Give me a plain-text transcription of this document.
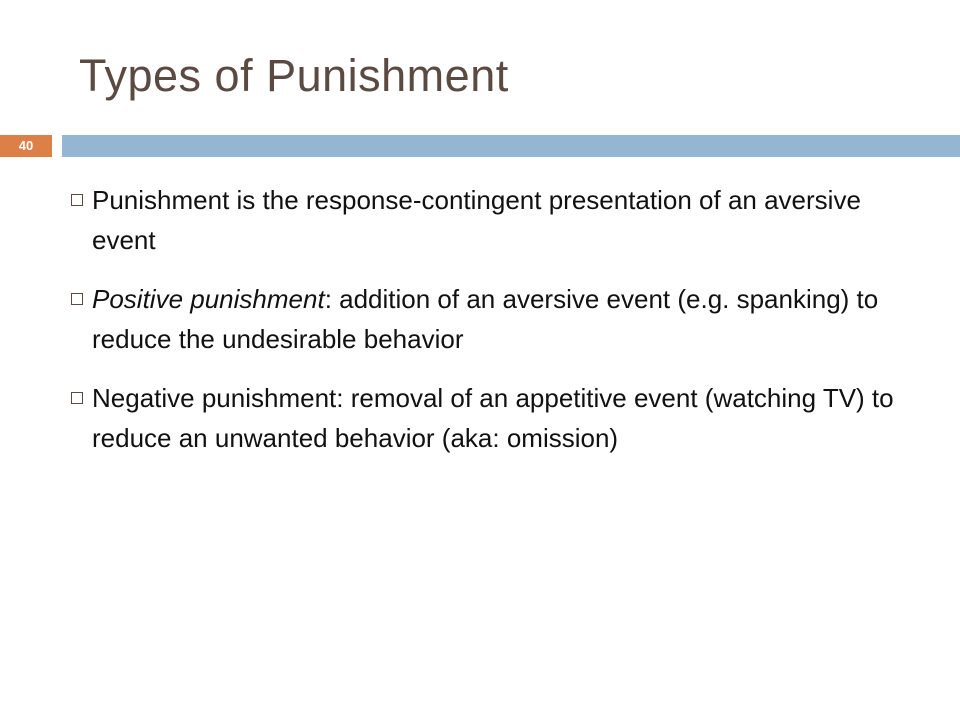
Types of Punishment
40
Punishment is the response-contingent presentation of an aversive event
Positive punishment: addition of an aversive event (e.g. spanking) to reduce the undesirable behavior
Negative punishment: removal of an appetitive event (watching TV) to reduce an unwanted behavior (aka: omission)
